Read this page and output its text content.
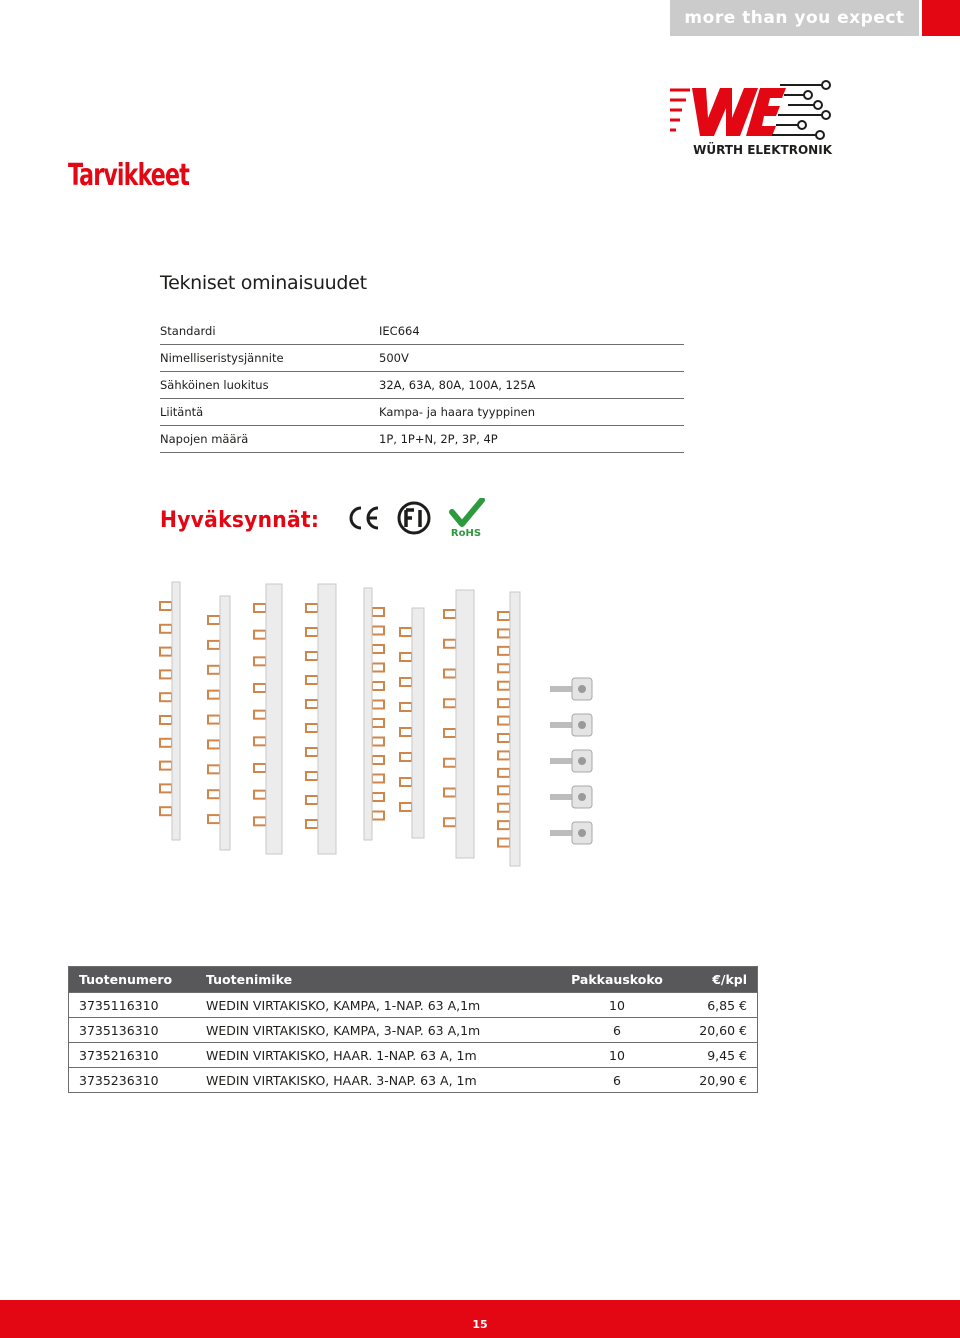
more than you expect
WÜRTH ELEKTRONIK
Tarvikkeet
Tekniset ominaisuudet
Standardi	IEC664
Nimelliseristysjännite	500V
Sähköinen luokitus	32A, 63A, 80A, 100A, 125A
Liitäntä	Kampa- ja haara tyyppinen
Napojen määrä	1P, 1P+N, 2P, 3P, 4P
Hyväksynnät:
RoHS
Tuotenumero	Tuotenimike	Pakkauskoko	€/kpl
3735116310	WEDIN VIRTAKISKO, KAMPA, 1-NAP. 63 A,1m	10	6,85 €
3735136310	WEDIN VIRTAKISKO, KAMPA, 3-NAP. 63 A,1m	6	20,60 €
3735216310	WEDIN VIRTAKISKO, HAAR. 1-NAP. 63 A, 1m	10	9,45 €
3735236310	WEDIN VIRTAKISKO, HAAR. 3-NAP. 63 A, 1m	6	20,90 €
15
